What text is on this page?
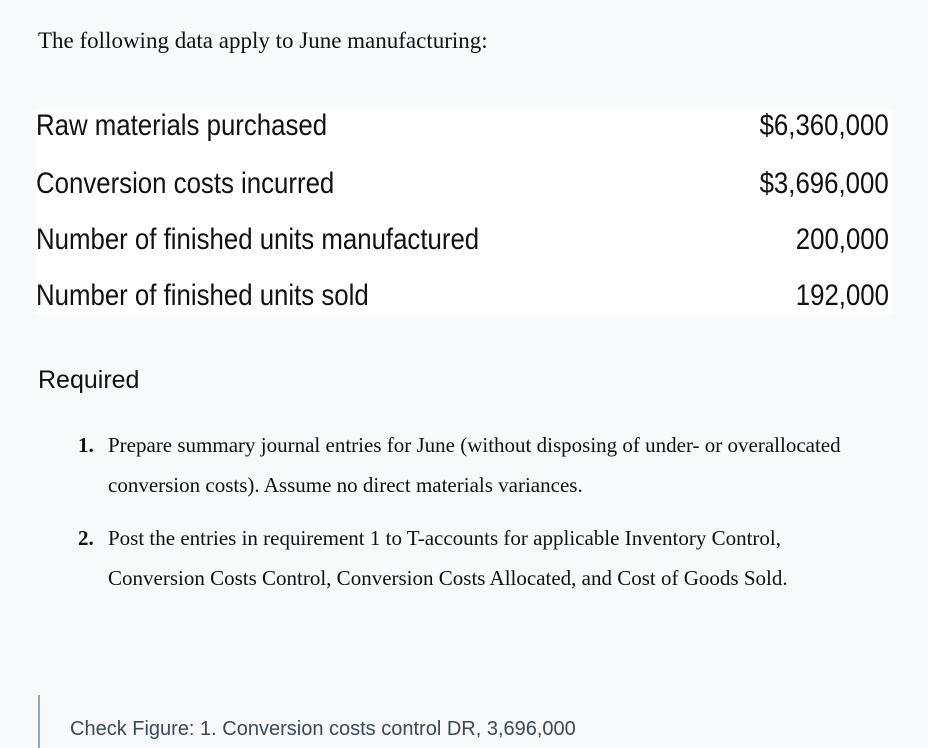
The following data apply to June manufacturing:
Raw materials purchased	$6,360,000
Conversion costs incurred	$3,696,000
Number of finished units manufactured	200,000
Number of finished units sold	192,000
Required
1. Prepare summary journal entries for June (without disposing of under- or overallocated conversion costs). Assume no direct materials variances.
2. Post the entries in requirement 1 to T-accounts for applicable Inventory Control, Conversion Costs Control, Conversion Costs Allocated, and Cost of Goods Sold.
Check Figure: 1. Conversion costs control DR, 3,696,000
